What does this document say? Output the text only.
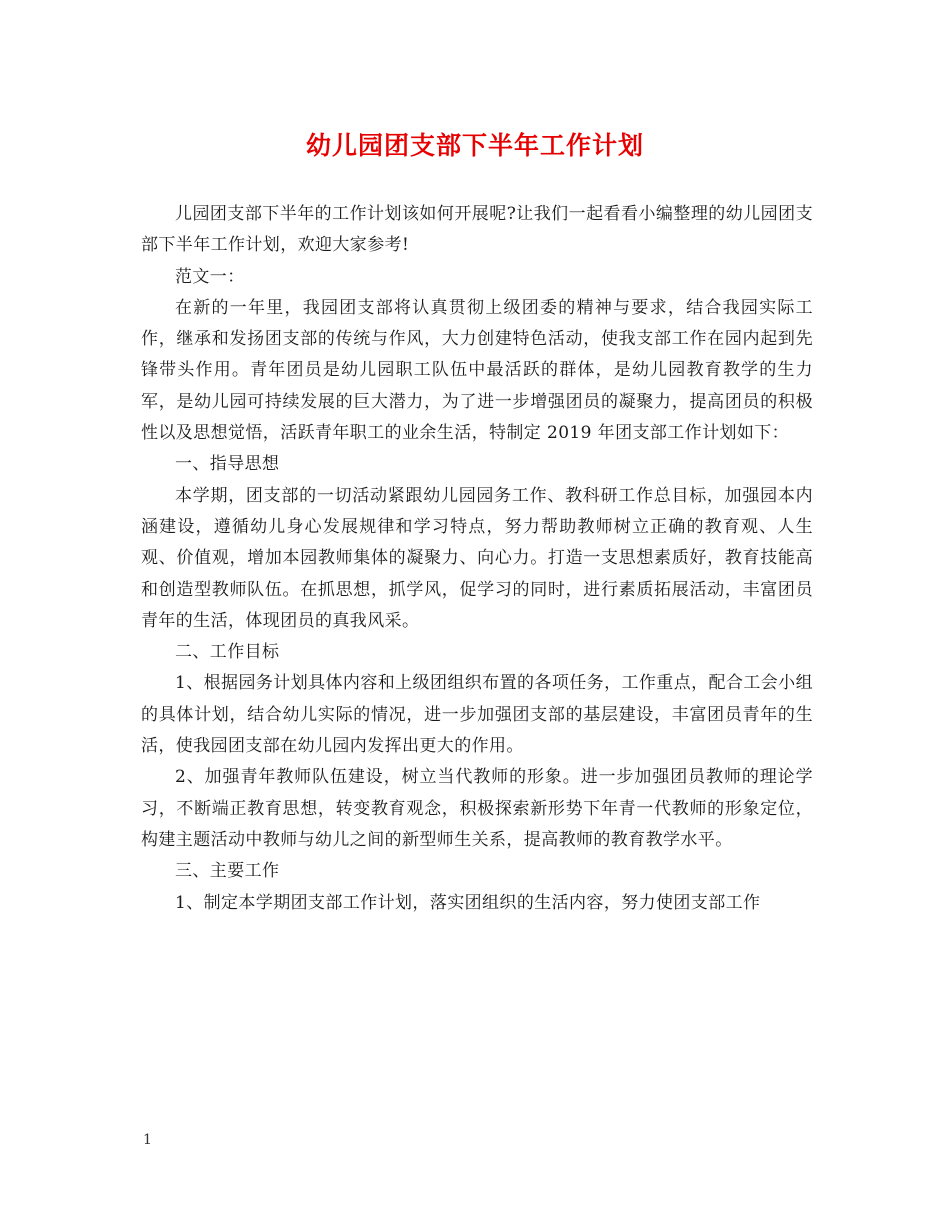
幼儿园团支部下半年工作计划

儿园团支部下半年的工作计划该如何开展呢?让我们一起看看小编整理的幼儿园团支部下半年工作计划，欢迎大家参考!

范文一：

在新的一年里，我园团支部将认真贯彻上级团委的精神与要求，结合我园实际工作，继承和发扬团支部的传统与作风，大力创建特色活动，使我支部工作在园内起到先锋带头作用。青年团员是幼儿园职工队伍中最活跃的群体，是幼儿园教育教学的生力军，是幼儿园可持续发展的巨大潜力，为了进一步增强团员的凝聚力，提高团员的积极性以及思想觉悟，活跃青年职工的业余生活，特制定 2019 年团支部工作计划如下：

一、指导思想

本学期，团支部的一切活动紧跟幼儿园园务工作、教科研工作总目标，加强园本内涵建设，遵循幼儿身心发展规律和学习特点，努力帮助教师树立正确的教育观、人生观、价值观，增加本园教师集体的凝聚力、向心力。打造一支思想素质好，教育技能高和创造型教师队伍。在抓思想，抓学风，促学习的同时，进行素质拓展活动，丰富团员青年的生活，体现团员的真我风采。

二、工作目标

1、根据园务计划具体内容和上级团组织布置的各项任务，工作重点，配合工会小组的具体计划，结合幼儿实际的情况，进一步加强团支部的基层建设，丰富团员青年的生活，使我园团支部在幼儿园内发挥出更大的作用。

2、加强青年教师队伍建设，树立当代教师的形象。进一步加强团员教师的理论学习，不断端正教育思想，转变教育观念，积极探索新形势下年青一代教师的形象定位，构建主题活动中教师与幼儿之间的新型师生关系，提高教师的教育教学水平。

三、主要工作

1、制定本学期团支部工作计划，落实团组织的生活内容，努力使团支部工作

1
